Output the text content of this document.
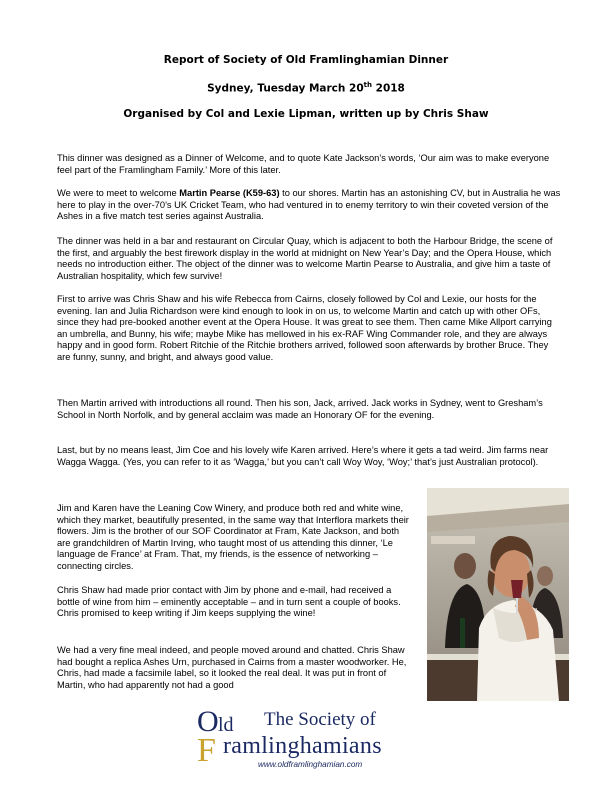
Report of Society of Old Framlinghamian Dinner
Sydney, Tuesday March 20th 2018
Organised by Col and Lexie Lipman, written up by Chris Shaw
This dinner was designed as a Dinner of Welcome, and to quote Kate Jackson’s words, ‘Our aim was to make everyone feel part of the Framlingham Family.’ More of this later.
We were to meet to welcome Martin Pearse (K59-63) to our shores. Martin has an astonishing CV, but in Australia he was here to play in the over-70’s UK Cricket Team, who had ventured in to enemy territory to win their coveted version of the Ashes in a five match test series against Australia.
The dinner was held in a bar and restaurant on Circular Quay, which is adjacent to both the Harbour Bridge, the scene of the first, and arguably the best firework display in the world at midnight on New Year’s Day; and the Opera House, which needs no introduction either. The object of the dinner was to welcome Martin Pearse to Australia, and give him a taste of Australian hospitality, which few survive!
First to arrive was Chris Shaw and his wife Rebecca from Cairns, closely followed by Col and Lexie, our hosts for the evening. Ian and Julia Richardson were kind enough to look in on us, to welcome Martin and catch up with other OFs, since they had pre-booked another event at the Opera House. It was great to see them. Then came Mike Allport carrying an umbrella, and Bunny, his wife; maybe Mike has mellowed in his ex-RAF Wing Commander role, and they are always happy and in good form. Robert Ritchie of the Ritchie brothers arrived, followed soon afterwards by brother Bruce. They are funny, sunny, and bright, and always good value.
Then Martin arrived with introductions all round. Then his son, Jack, arrived. Jack works in Sydney, went to Gresham’s School in North Norfolk, and by general acclaim was made an Honorary OF for the evening.
Last, but by no means least, Jim Coe and his lovely wife Karen arrived. Here’s where it gets a tad weird. Jim farms near Wagga Wagga. (Yes, you can refer to it as ‘Wagga,’ but you can’t call Woy Woy, ‘Woy;’ that’s just Australian protocol).
Jim and Karen have the Leaning Cow Winery, and produce both red and white wine, which they market, beautifully presented, in the same way that Interflora markets their flowers. Jim is the brother of our SOF Coordinator at Fram, Kate Jackson, and both are grandchildren of Martin Irving, who taught most of us attending this dinner, ‘Le language de France’ at Fram. That, my friends, is the essence of networking – connecting circles.
Chris Shaw had made prior contact with Jim by phone and e-mail, had received a bottle of wine from him – eminently acceptable – and in turn sent a couple of books. Chris promised to keep writing if Jim keeps supplying the wine!
We had a very fine meal indeed, and people moved around and chatted. Chris Shaw had bought a replica Ashes Urn, purchased in Cairns from a master woodworker. He, Chris, had made a facsimile label, so it looked the real deal. It was put in front of Martin, who had apparently not had a good
O
F
ld The Society of
ramlinghamians
www.oldframlinghamian.com
